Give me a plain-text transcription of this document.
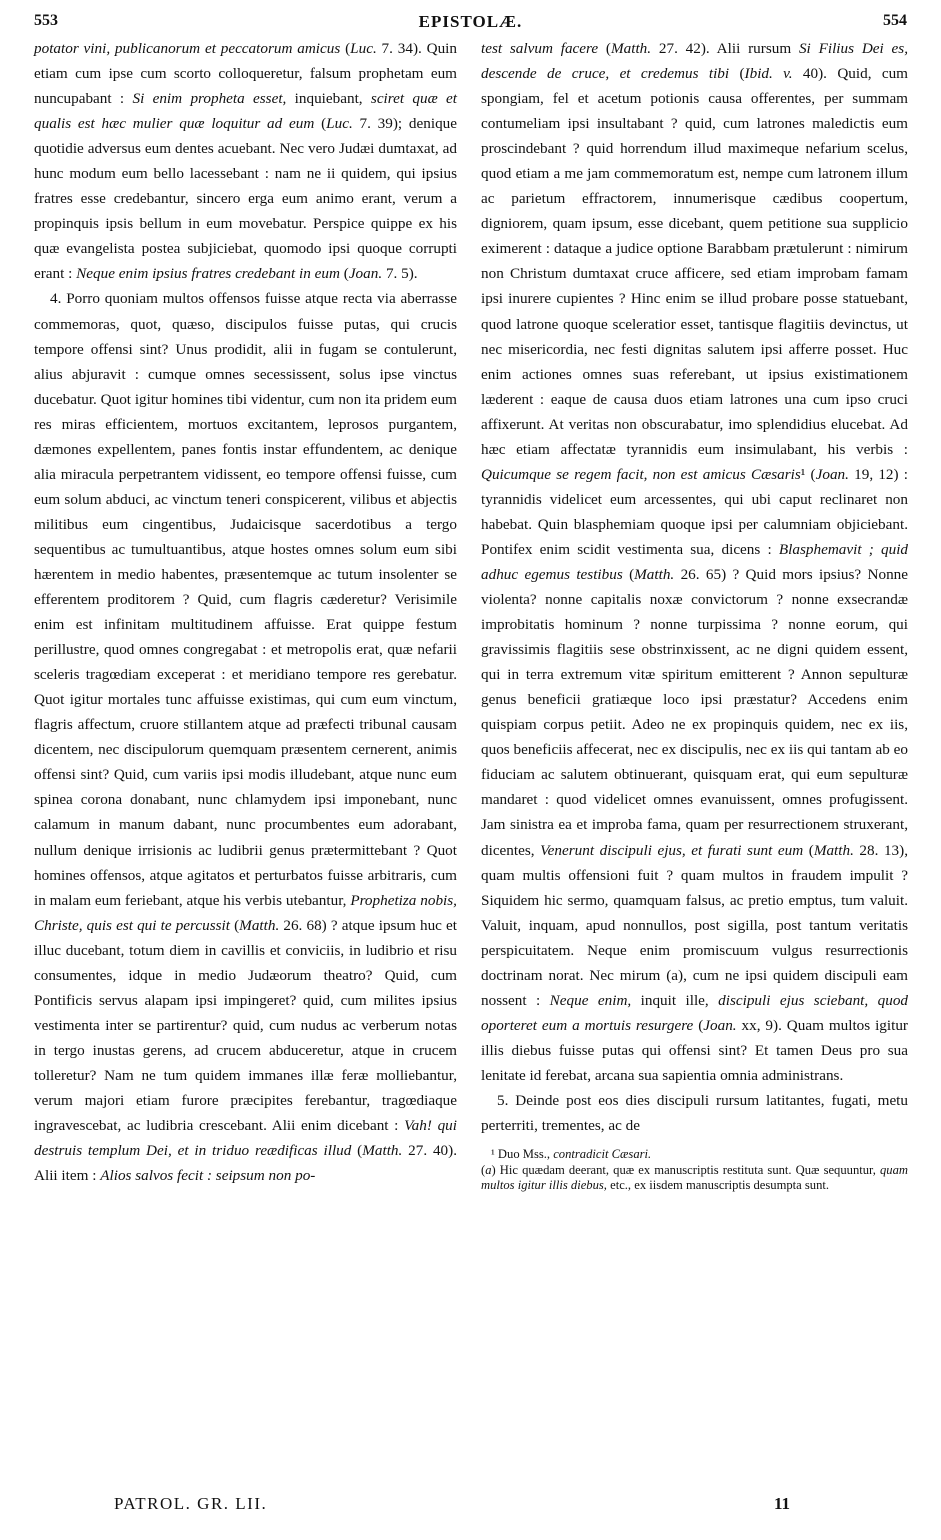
553	EPISTOLÆ.	554

potator vini, publicanorum et peccatorum amicus (Luc. 7. 34). Quin etiam cum ipse cum scorto colloqueretur, falsum prophetam eum nuncupabant : Si enim propheta esset, inquiebant, sciret quæ et qualis est hæc mulier quæ loquitur ad eum (Luc. 7. 39); denique quotidie adversus eum dentes acuebant. Nec vero Judæi dumtaxat, ad hunc modum eum bello lacessebant : nam ne ii quidem, qui ipsius fratres esse credebantur, sincero erga eum animo erant, verum a propinquis ipsis bellum in eum movebatur. Perspice quippe ex his quæ evangelista postea subjiciebat, quomodo ipsi quoque corrupti erant : Neque enim ipsius fratres credebant in eum (Joan. 7. 5).

4. Porro quoniam multos offensos fuisse atque recta via aberrasse commemoras, quot, quæso, discipulos fuisse putas, qui crucis tempore offensi sint? Unus prodidit, alii in fugam se contulerunt, alius abjuravit : cumque omnes secessissent, solus ipse vinctus ducebatur. Quot igitur homines tibi videntur, cum non ita pridem eum res miras efficientem, mortuos excitantem, leprosos purgantem, dæmones expellentem, panes fontis instar effundentem, ac denique alia miracula perpetrantem vidissent, eo tempore offensi fuisse, cum eum solum abduci, ac vinctum teneri conspicerent, vilibus et abjectis militibus eum cingentibus, Judaicisque sacerdotibus a tergo sequentibus ac tumultuantibus, atque hostes omnes solum eum sibi hærentem in medio habentes, præsentemque ac tutum insolenter se efferentem proditorem ? Quid, cum flagris cæderetur? Verisimile enim est infinitam multitudinem affuisse. Erat quippe festum perillustre, quod omnes congregabat : et metropolis erat, quæ nefarii sceleris tragœdiam exceperat : et meridiano tempore res gerebatur. Quot igitur mortales tunc affuisse existimas, qui cum eum vinctum, flagris affectum, cruore stillantem atque ad præfecti tribunal causam dicentem, nec discipulorum quemquam præsentem cernerent, animis offensi sint? Quid, cum variis ipsi modis illudebant, atque nunc eum spinea corona donabant, nunc chlamydem ipsi imponebant, nunc calamum in manum dabant, nunc procumbentes eum adorabant, nullum denique irrisionis ac ludibrii genus prætermittebant ? Quot homines offensos, atque agitatos et perturbatos fuisse arbitraris, cum in malam eum feriebant, atque his verbis utebantur, Prophetiza nobis, Christe, quis est qui te percussit (Matth. 26. 68) ? atque ipsum huc et illuc ducebant, totum diem in cavillis et conviciis, in ludibrio et risu consumentes, idque in medio Judæorum theatro? Quid, cum Pontificis servus alapam ipsi impingeret? quid, cum milites ipsius vestimenta inter se partirentur? quid, cum nudus ac verberum notas in tergo inustas gerens, ad crucem abduceretur, atque in crucem tolleretur? Nam ne tum quidem immanes illæ feræ molliebantur, verum majori etiam furore præcipites ferebantur, tragœdiaque ingravescebat, ac ludibria crescebant. Alii enim dicebant : Vah! qui destruis templum Dei, et in triduo reædificas illud (Matth. 27. 40). Alii item : Alios salvos fecit : seipsum non po-

test salvum facere (Matth. 27. 42). Alii rursum Si Filius Dei es, descende de cruce, et credemus tibi (Ibid. v. 40). Quid, cum spongiam, fel et acetum potionis causa offerentes, per summam contumeliam ipsi insultabant ? quid, cum latrones maledictis eum proscindebant ? quid horrendum illud maximeque nefarium scelus, quod etiam a me jam commemoratum est, nempe cum latronem illum ac parietum effractorem, innumerisque cædibus coopertum, digniorem, quam ipsum, esse dicebant, quem petitione sua supplicio eximerent : dataque a judice optione Barabbam prætulerunt : nimirum non Christum dumtaxat cruce afficere, sed etiam improbam famam ipsi inurere cupientes ? Hinc enim se illud probare posse statuebant, quod latrone quoque sceleratior esset, tantisque flagitiis devinctus, ut nec misericordia, nec festi dignitas salutem ipsi afferre posset. Huc enim actiones omnes suas referebant, ut ipsius existimationem læderent : eaque de causa duos etiam latrones una cum ipso cruci affixerunt. At veritas non obscurabatur, imo splendidius elucebat. Ad hæc etiam affectatæ tyrannidis eum insimulabant, his verbis : Quicumque se regem facit, non est amicus Cæsaris¹ (Joan. 19, 12) : tyrannidis videlicet eum arcessentes, qui ubi caput reclinaret non habebat. Quin blasphemiam quoque ipsi per calumniam objiciebant. Pontifex enim scidit vestimenta sua, dicens : Blasphemavit ; quid adhuc egemus testibus (Matth. 26. 65) ? Quid mors ipsius? Nonne violenta? nonne capitalis noxæ convictorum ? nonne exsecrandæ improbitatis hominum ? nonne turpissima ? nonne eorum, qui gravissimis flagitiis sese obstrinxissent, ac ne digni quidem essent, qui in terra extremum vitæ spiritum emitterent ? Annon sepulturæ genus beneficii gratiæque loco ipsi præstatur? Accedens enim quispiam corpus petiit. Adeo ne ex propinquis quidem, nec ex iis, quos beneficiis affecerat, nec ex discipulis, nec ex iis qui tantam ab eo fiduciam ac salutem obtinuerant, quisquam erat, qui eum sepulturæ mandaret : quod videlicet omnes evanuissent, omnes profugissent. Jam sinistra ea et improba fama, quam per resurrectionem struxerant, dicentes, Venerunt discipuli ejus, et furati sunt eum (Matth. 28. 13), quam multis offensioni fuit ? quam multos in fraudem impulit ? Siquidem hic sermo, quamquam falsus, ac pretio emptus, tum valuit. Valuit, inquam, apud nonnullos, post sigilla, post tantum veritatis perspicuitatem. Neque enim promiscuum vulgus resurrectionis doctrinam norat. Nec mirum (a), cum ne ipsi quidem discipuli eam nossent : Neque enim, inquit ille, discipuli ejus sciebant, quod oporteret eum a mortuis resurgere (Joan. xx, 9). Quam multos igitur illis diebus fuisse putas qui offensi sint? Et tamen Deus pro sua lenitate id ferebat, arcana sua sapientia omnia administrans.

5. Deinde post eos dies discipuli rursum latitantes, fugati, metu perterriti, trementes, ac de

¹ Duo Mss., contradicit Cæsari.

(a) Hic quædam deerant, quæ ex manuscriptis restituta sunt. Quæ sequuntur, quam multos igitur illis diebus, etc., ex iisdem manuscriptis desumpta sunt.

PATROL. GR. LII.	11
